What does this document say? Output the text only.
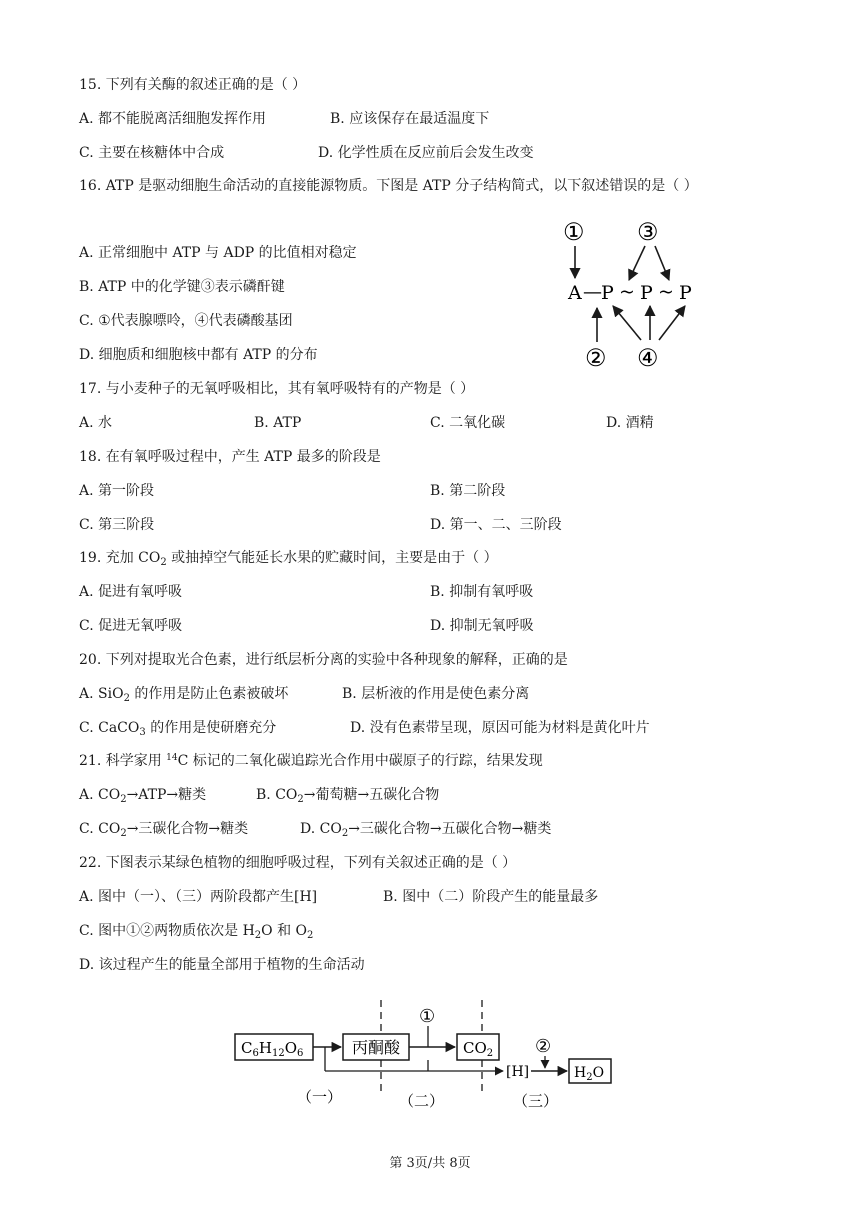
15. 下列有关酶的叙述正确的是（ ）
A. 都不能脱离活细胞发挥作用	B. 应该保存在最适温度下
C. 主要在核糖体中合成	D. 化学性质在反应前后会发生改变
16. ATP 是驱动细胞生命活动的直接能源物质。下图是 ATP 分子结构简式，以下叙述错误的是（ ）
A. 正常细胞中 ATP 与 ADP 的比值相对稳定
B. ATP 中的化学键③表示磷酐键
C. ①代表腺嘌呤，④代表磷酸基团
D. 细胞质和细胞核中都有 ATP 的分布
A — P ~ P ~ P
①
②
③
④
17. 与小麦种子的无氧呼吸相比，其有氧呼吸特有的产物是（ ）
A. 水	B. ATP	C. 二氧化碳	D. 酒精
18. 在有氧呼吸过程中，产生 ATP 最多的阶段是
A. 第一阶段	B. 第二阶段
C. 第三阶段	D. 第一、二、三阶段
19. 充加 $CO_2$ 或抽掉空气能延长水果的贮藏时间，主要是由于（ ）
A. 促进有氧呼吸	B. 抑制有氧呼吸
C. 促进无氧呼吸	D. 抑制无氧呼吸
20. 下列对提取光合色素，进行纸层析分离的实验中各种现象的解释，正确的是
A. SiO$_2$ 的作用是防止色素被破坏	B. 层析液的作用是使色素分离
C. CaCO$_3$ 的作用是使研磨充分	D. 没有色素带呈现，原因可能为材料是黄化叶片
21. 科学家用 $^{14}$C 标记的二氧化碳追踪光合作用中碳原子的行踪，结果发现
A. $CO_2\to ATP\to$糖类	B. $CO_2\to$葡萄糖→五碳化合物
C. $CO_2\to$三碳化合物→糖类	D. $CO_2\to$三碳化合物→五碳化合物→糖类
22. 下图表示某绿色植物的细胞呼吸过程，下列有关叙述正确的是（ ）
A. 图中（一）、（三）两阶段都产生[H]	B. 图中（二）阶段产生的能量最多
C. 图中①②两物质依次是 $H_2O$ 和 $O_2$
D. 该过程产生的能量全部用于植物的生命活动
$C_6H_{12}O_6$	丙酮酸	$CO_2$
$H_2O$
[H]
①
②
（一）	（二）	（三）
第 3页/共 8页
